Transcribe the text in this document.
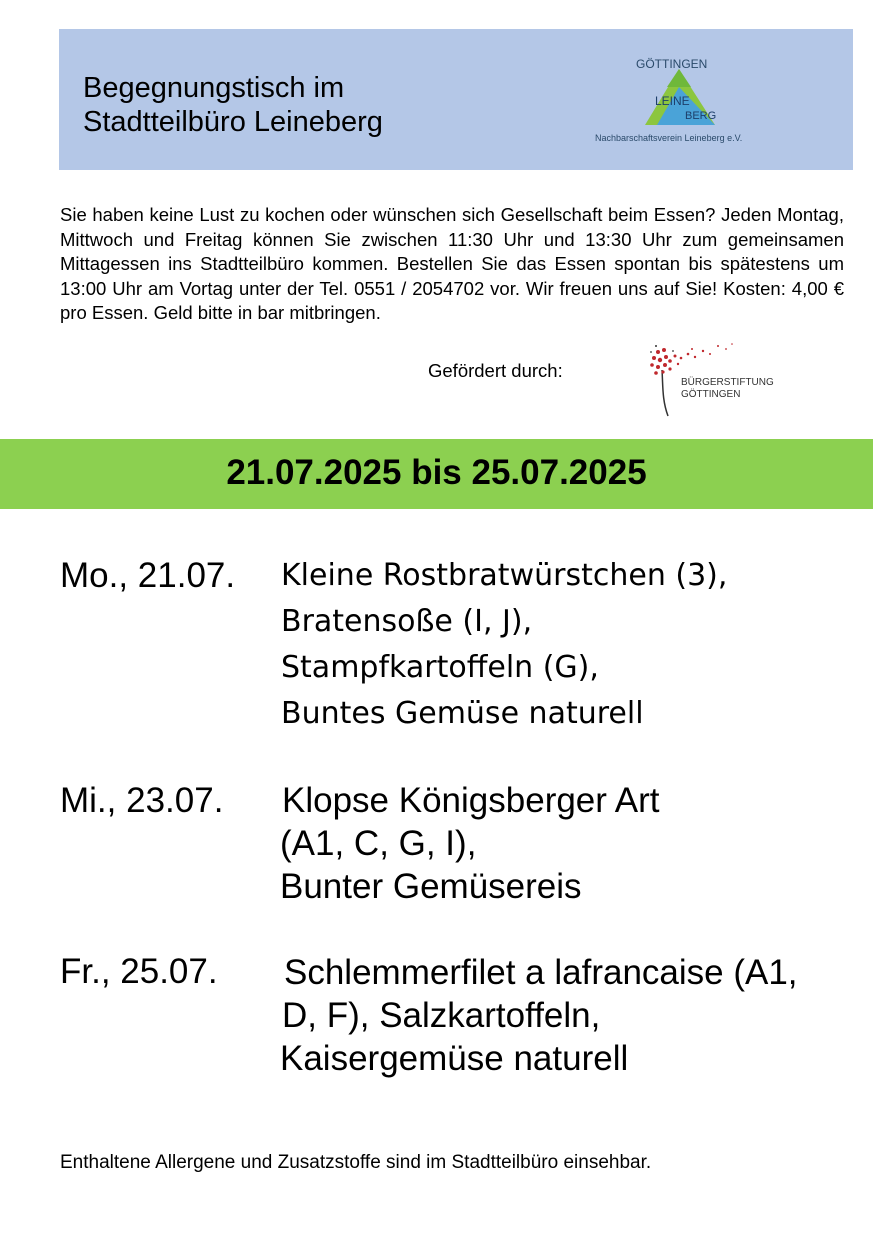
Begegnungstisch im
Stadtteilbüro Leineberg
GÖTTINGEN
LEINE
BERG
Nachbarschaftsverein Leineberg e.V.

Sie haben keine Lust zu kochen oder wünschen sich Gesellschaft beim Essen? Jeden Montag, Mittwoch und Freitag können Sie zwischen 11:30 Uhr und 13:30 Uhr zum gemeinsamen Mittagessen ins Stadtteilbüro kommen. Bestellen Sie das Essen spontan bis spätestens um 13:00 Uhr am Vortag unter der Tel. 0551 / 2054702 vor. Wir freuen uns auf Sie! Kosten: 4,00 € pro Essen. Geld bitte in bar mitbringen.

Gefördert durch:
BÜRGERSTIFTUNG
GÖTTINGEN
21.07.2025 bis 25.07.2025
Mo., 21.07. Kleine Rostbratwürstchen (3),
Bratensoße (I, J),
Stampfkartoffeln (G),
Buntes Gemüse naturell
Mi., 23.07. Klopse Königsberger Art
(A1, C, G, I),
Bunter Gemüsereis
Fr., 25.07. Schlemmerfilet a lafrancaise (A1,
D, F), Salzkartoffeln,
Kaisergemüse naturell
Enthaltene Allergene und Zusatzstoffe sind im Stadtteilbüro einsehbar.
